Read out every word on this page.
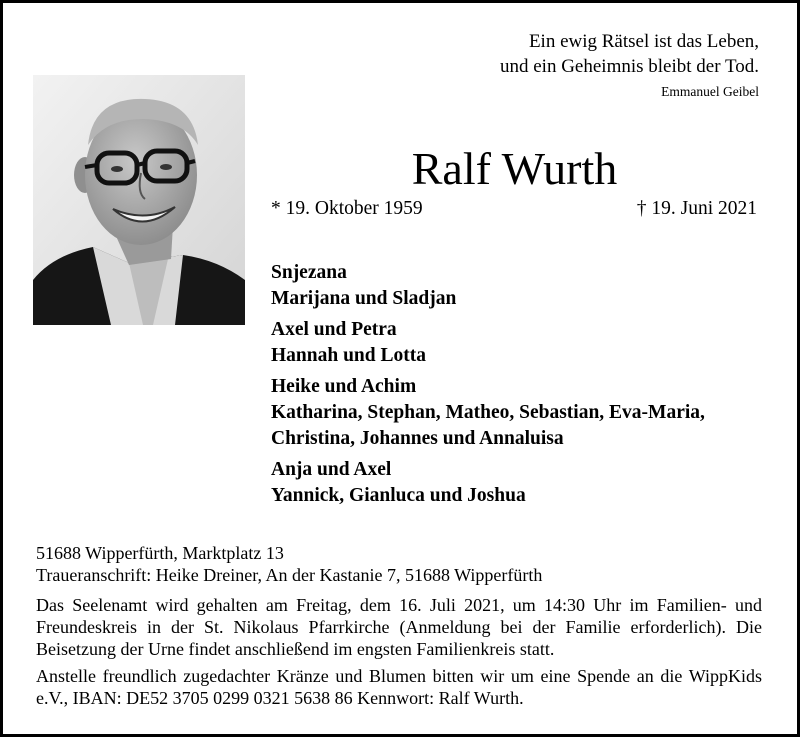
Ein ewig Rätsel ist das Leben,
und ein Geheimnis bleibt der Tod.
Emmanuel Geibel
Ralf Wurth
* 19. Oktober 1959	† 19. Juni 2021
Snjezana
Marijana und Sladjan
Axel und Petra
Hannah und Lotta
Heike und Achim
Katharina, Stephan, Matheo, Sebastian, Eva-Maria,
Christina, Johannes und Annaluisa
Anja und Axel
Yannick, Gianluca und Joshua
51688 Wipperfürth, Marktplatz 13
Traueranschrift: Heike Dreiner, An der Kastanie 7, 51688 Wipperfürth

Das Seelenamt wird gehalten am Freitag, dem 16. Juli 2021, um 14:30 Uhr im Familien- und Freundeskreis in der St. Nikolaus Pfarrkirche (Anmeldung bei der Familie erforderlich). Die Beisetzung der Urne findet anschließend im engsten Familienkreis statt.

Anstelle freundlich zugedachter Kränze und Blumen bitten wir um eine Spende an die WippKids e.V., IBAN: DE52 3705 0299 0321 5638 86 Kennwort: Ralf Wurth.
